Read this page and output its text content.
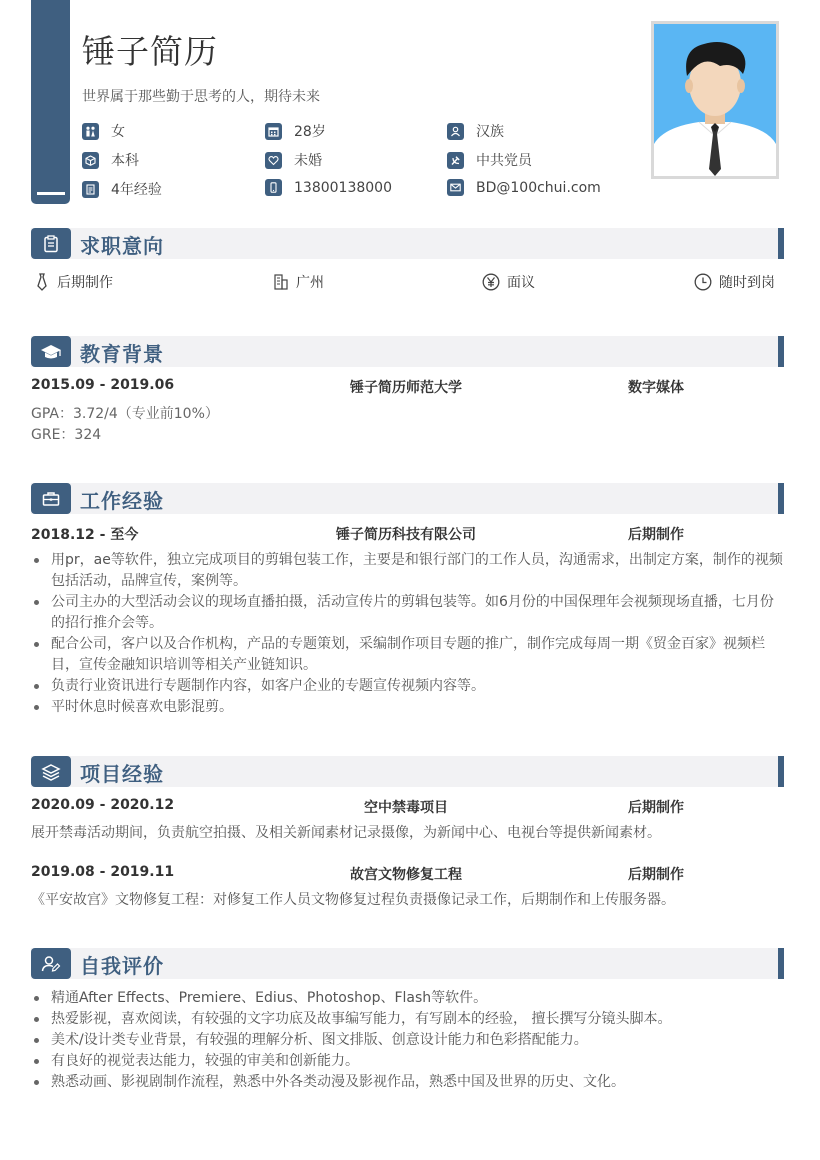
锤子简历
世界属于那些勤于思考的人，期待未来
女	28岁	汉族
本科	未婚	中共党员
4年经验	13800138000	BD@100chui.com
求职意向
后期制作	广州	面议	随时到岗
教育背景
2015.09 - 2019.06	锤子简历师范大学	数字媒体
GPA：3.72/4（专业前10%）
GRE：324
工作经验
2018.12 - 至今	锤子简历科技有限公司	后期制作
用pr，ae等软件，独立完成项目的剪辑包装工作，主要是和银行部门的工作人员，沟通需求，出制定方案，制作的视频包括活动，品牌宣传，案例等。
公司主办的大型活动会议的现场直播拍摄，活动宣传片的剪辑包装等。如6月份的中国保理年会视频现场直播，七月份的招行推介会等。
配合公司，客户以及合作机构，产品的专题策划，采编制作项目专题的推广，制作完成每周一期《贸金百家》视频栏目，宣传金融知识培训等相关产业链知识。
负责行业资讯进行专题制作内容，如客户企业的专题宣传视频内容等。
平时休息时候喜欢电影混剪。
项目经验
2020.09 - 2020.12	空中禁毒项目	后期制作
展开禁毒活动期间，负责航空拍摄、及相关新闻素材记录摄像，为新闻中心、电视台等提供新闻素材。
2019.08 - 2019.11	故宫文物修复工程	后期制作
《平安故宫》文物修复工程：对修复工作人员文物修复过程负责摄像记录工作，后期制作和上传服务器。
自我评价
精通After Effects、Premiere、Edius、Photoshop、Flash等软件。
热爱影视，喜欢阅读，有较强的文字功底及故事编写能力，有写剧本的经验， 擅长撰写分镜头脚本。
美术/设计类专业背景，有较强的理解分析、图文排版、创意设计能力和色彩搭配能力。
有良好的视觉表达能力，较强的审美和创新能力。
熟悉动画、影视剧制作流程，熟悉中外各类动漫及影视作品，熟悉中国及世界的历史、文化。
